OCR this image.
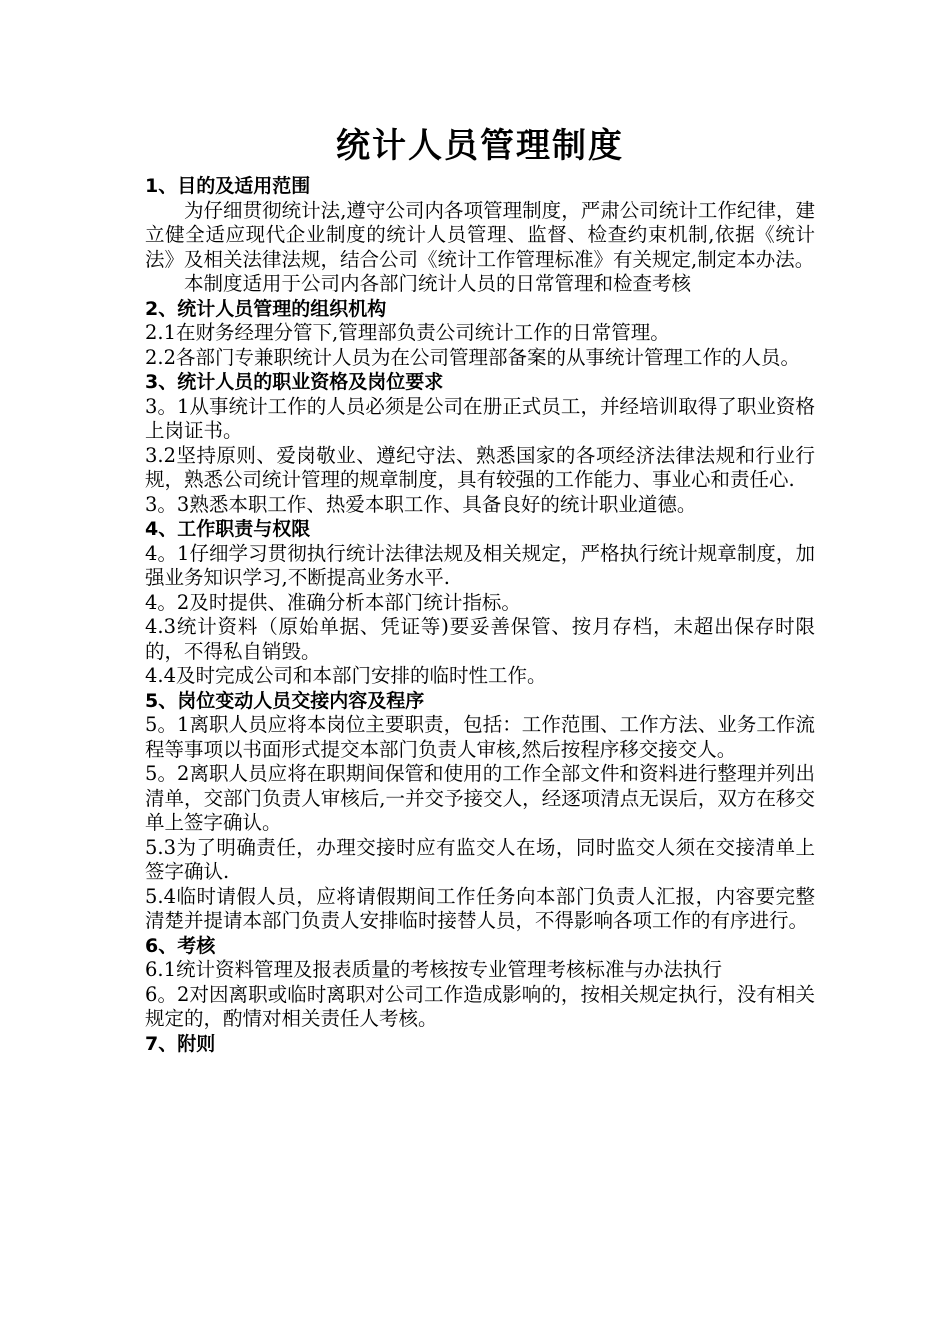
统计人员管理制度
1、目的及适用范围

为仔细贯彻统计法,遵守公司内各项管理制度，严肃公司统计工作纪律，建立健全适应现代企业制度的统计人员管理、监督、检查约束机制,依据《统计法》及相关法律法规，结合公司《统计工作管理标准》有关规定,制定本办法。

本制度适用于公司内各部门统计人员的日常管理和检查考核

2、统计人员管理的组织机构

2.1在财务经理分管下,管理部负责公司统计工作的日常管理。

2.2各部门专兼职统计人员为在公司管理部备案的从事统计管理工作的人员。

3、统计人员的职业资格及岗位要求

3。1从事统计工作的人员必须是公司在册正式员工，并经培训取得了职业资格上岗证书。

3.2坚持原则、爱岗敬业、遵纪守法、熟悉国家的各项经济法律法规和行业行规，熟悉公司统计管理的规章制度，具有较强的工作能力、事业心和责任心.

3。3熟悉本职工作、热爱本职工作、具备良好的统计职业道德。

4、工作职责与权限

4。1仔细学习贯彻执行统计法律法规及相关规定，严格执行统计规章制度，加强业务知识学习,不断提高业务水平.

4。2及时提供、准确分析本部门统计指标。

4.3统计资料（原始单据、凭证等)要妥善保管、按月存档，未超出保存时限的，不得私自销毁。

4.4及时完成公司和本部门安排的临时性工作。

5、岗位变动人员交接内容及程序

5。1离职人员应将本岗位主要职责，包括：工作范围、工作方法、业务工作流程等事项以书面形式提交本部门负责人审核,然后按程序移交接交人。

5。2离职人员应将在职期间保管和使用的工作全部文件和资料进行整理并列出清单，交部门负责人审核后,一并交予接交人，经逐项清点无误后，双方在移交单上签字确认。

5.3为了明确责任，办理交接时应有监交人在场，同时监交人须在交接清单上签字确认.

5.4临时请假人员，应将请假期间工作任务向本部门负责人汇报，内容要完整清楚并提请本部门负责人安排临时接替人员，不得影响各项工作的有序进行。

6、考核

6.1统计资料管理及报表质量的考核按专业管理考核标准与办法执行

6。2对因离职或临时离职对公司工作造成影响的，按相关规定执行，没有相关规定的，酌情对相关责任人考核。

7、附则
